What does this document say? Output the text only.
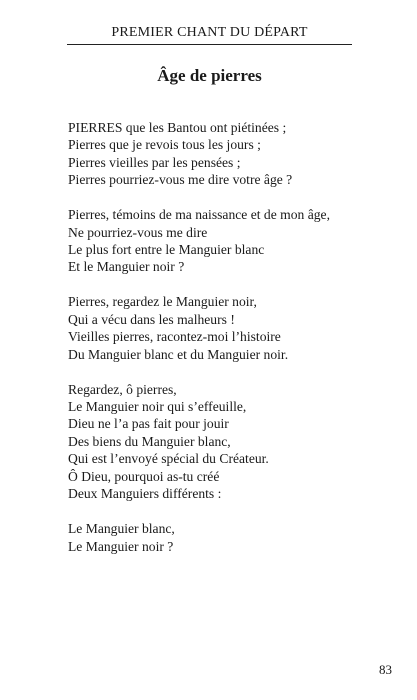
PREMIER CHANT DU DÉPART
Âge de pierres
PIERRES que les Bantou ont piétinées ;
Pierres que je revois tous les jours ;
Pierres vieilles par les pensées ;
Pierres pourriez-vous me dire votre âge ?
Pierres, témoins de ma naissance et de mon âge,
Ne pourriez-vous me dire
Le plus fort entre le Manguier blanc
Et le Manguier noir ?
Pierres, regardez le Manguier noir,
Qui a vécu dans les malheurs !
Vieilles pierres, racontez-moi l’histoire
Du Manguier blanc et du Manguier noir.
Regardez, ô pierres,
Le Manguier noir qui s’effeuille,
Dieu ne l’a pas fait pour jouir
Des biens du Manguier blanc,
Qui est l’envoyé spécial du Créateur.
Ô Dieu, pourquoi as-tu créé
Deux Manguiers différents :
Le Manguier blanc,
Le Manguier noir ?
83
